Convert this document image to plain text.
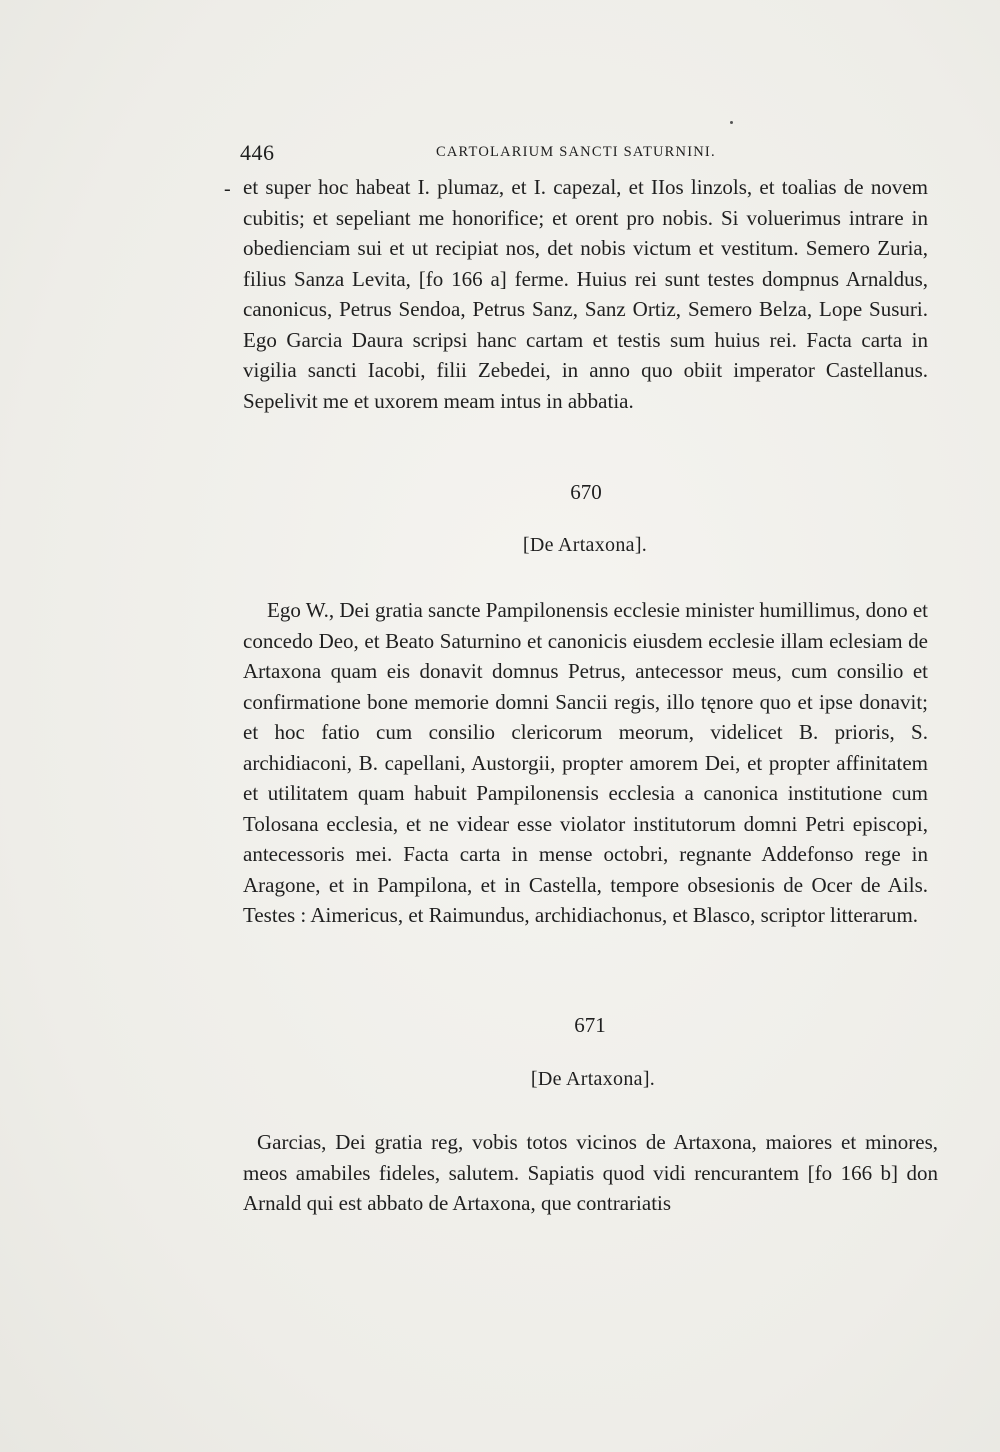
446	CARTOLARIUM SANCTI SATURNINI.
- et super hoc habeat I. plumaz, et I. capezal, et IIos linzols, et toalias de novem cubitis; et sepeliant me honorifice; et orent pro nobis. Si voluerimus intrare in obedienciam sui et ut recipiat nos, det nobis victum et vestitum. Semero Zuria, filius Sanza Levita, [fo 166 a] ferme. Huius rei sunt testes dompnus Arnaldus, canonicus, Petrus Sendoa, Petrus Sanz, Sanz Ortiz, Semero Belza, Lope Susuri. Ego Garcia Daura scripsi hanc cartam et testis sum huius rei. Facta carta in vigilia sancti Iacobi, filii Zebedei, in anno quo obiit imperator Castellanus. Sepelivit me et uxorem meam intus in abbatia.

670
[De Artaxona].

Ego W., Dei gratia sancte Pampilonensis ecclesie minister humillimus, dono et concedo Deo, et Beato Saturnino et canonicis eiusdem ecclesie illam eclesiam de Artaxona quam eis donavit domnus Petrus, antecessor meus, cum consilio et confirmatione bone memorie domni Sancii regis, illo tęnore quo et ipse donavit; et hoc fatio cum consilio clericorum meorum, videlicet B. prioris, S. archidiaconi, B. capellani, Austorgii, propter amorem Dei, et propter affinitatem et utilitatem quam habuit Pampilonensis ecclesia a canonica institutione cum Tolosana ecclesia, et ne videar esse violator institutorum domni Petri episcopi, antecessoris mei. Facta carta in mense octobri, regnante Addefonso rege in Aragone, et in Pampilona, et in Castella, tempore obsesionis de Ocer de Ails. Testes : Aimericus, et Raimundus, archidiachonus, et Blasco, scriptor litterarum.

671
[De Artaxona].

Garcias, Dei gratia reg, vobis totos vicinos de Artaxona, maiores et minores, meos amabiles fideles, salutem. Sapiatis quod vidi rencurantem [fo 166 b] don Arnald qui est abbato de Artaxona, que contrariatis
